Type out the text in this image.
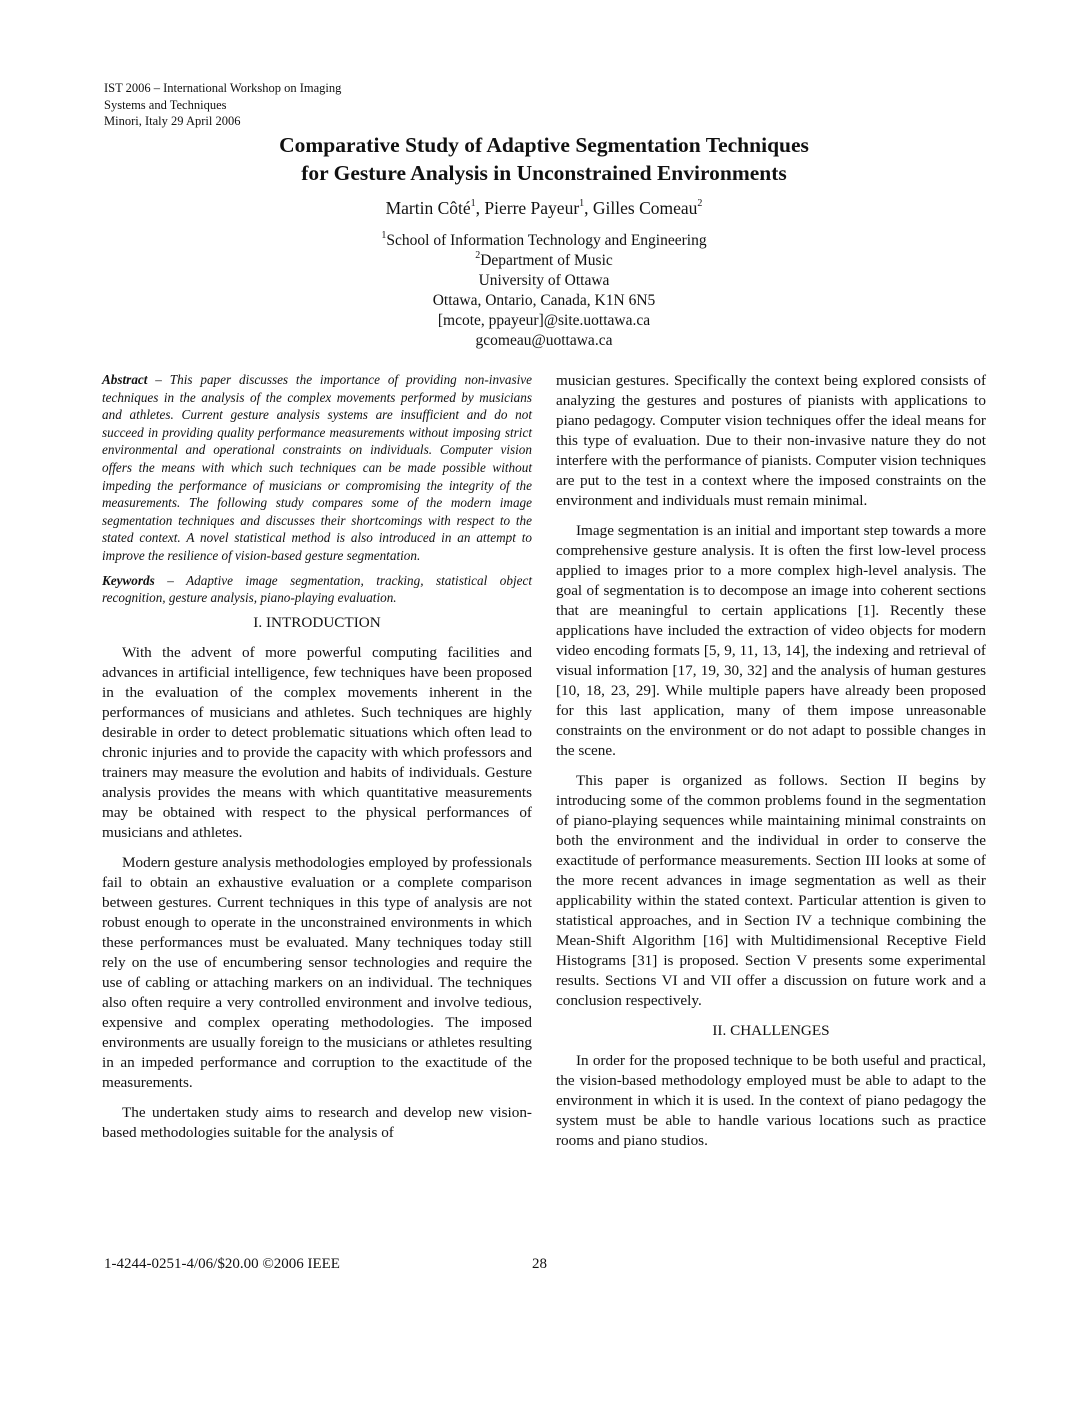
IST 2006 – International Workshop on Imaging
Systems and Techniques
Minori, Italy 29 April 2006
Comparative Study of Adaptive Segmentation Techniques
for Gesture Analysis in Unconstrained Environments
Martin Côté$^1$, Pierre Payeur$^1$, Gilles Comeau$^2$
$^1$School of Information Technology and Engineering
$^2$Department of Music
University of Ottawa
Ottawa, Ontario, Canada, K1N 6N5
[mcote, ppayeur]@site.uottawa.ca
gcomeau@uottawa.ca

Abstract – This paper discusses the importance of providing non-invasive techniques in the analysis of the complex movements performed by musicians and athletes. Current gesture analysis systems are insufficient and do not succeed in providing quality performance measurements without imposing strict environmental and operational constraints on individuals. Computer vision offers the means with which such techniques can be made possible without impeding the performance of musicians or compromising the integrity of the measurements. The following study compares some of the modern image segmentation techniques and discusses their shortcomings with respect to the stated context. A novel statistical method is also introduced in an attempt to improve the resilience of vision-based gesture segmentation.

Keywords – Adaptive image segmentation, tracking, statistical object recognition, gesture analysis, piano-playing evaluation.

I. INTRODUCTION

With the advent of more powerful computing facilities and advances in artificial intelligence, few techniques have been proposed in the evaluation of the complex movements inherent in the performances of musicians and athletes. Such techniques are highly desirable in order to detect problematic situations which often lead to chronic injuries and to provide the capacity with which professors and trainers may measure the evolution and habits of individuals. Gesture analysis provides the means with which quantitative measurements may be obtained with respect to the physical performances of musicians and athletes.

Modern gesture analysis methodologies employed by professionals fail to obtain an exhaustive evaluation or a complete comparison between gestures. Current techniques in this type of analysis are not robust enough to operate in the unconstrained environments in which these performances must be evaluated. Many techniques today still rely on the use of encumbering sensor technologies and require the use of cabling or attaching markers on an individual. The techniques also often require a very controlled environment and involve tedious, expensive and complex operating methodologies. The imposed environments are usually foreign to the musicians or athletes resulting in an impeded performance and corruption to the exactitude of the measurements.

The undertaken study aims to research and develop new vision-based methodologies suitable for the analysis of

musician gestures. Specifically the context being explored consists of analyzing the gestures and postures of pianists with applications to piano pedagogy. Computer vision techniques offer the ideal means for this type of evaluation. Due to their non-invasive nature they do not interfere with the performance of pianists. Computer vision techniques are put to the test in a context where the imposed constraints on the environment and individuals must remain minimal.

Image segmentation is an initial and important step towards a more comprehensive gesture analysis. It is often the first low-level process applied to images prior to a more complex high-level analysis. The goal of segmentation is to decompose an image into coherent sections that are meaningful to certain applications [1]. Recently these applications have included the extraction of video objects for modern video encoding formats [5, 9, 11, 13, 14], the indexing and retrieval of visual information [17, 19, 30, 32] and the analysis of human gestures [10, 18, 23, 29]. While multiple papers have already been proposed for this last application, many of them impose unreasonable constraints on the environment or do not adapt to possible changes in the scene.

This paper is organized as follows. Section II begins by introducing some of the common problems found in the segmentation of piano-playing sequences while maintaining minimal constraints on both the environment and the individual in order to conserve the exactitude of performance measurements. Section III looks at some of the more recent advances in image segmentation as well as their applicability within the stated context. Particular attention is given to statistical approaches, and in Section IV a technique combining the Mean-Shift Algorithm [16] with Multidimensional Receptive Field Histograms [31] is proposed. Section V presents some experimental results. Sections VI and VII offer a discussion on future work and a conclusion respectively.

II. CHALLENGES

In order for the proposed technique to be both useful and practical, the vision-based methodology employed must be able to adapt to the environment in which it is used. In the context of piano pedagogy the system must be able to handle various locations such as practice rooms and piano studios.

1-4244-0251-4/06/$20.00 ©2006 IEEE	28
